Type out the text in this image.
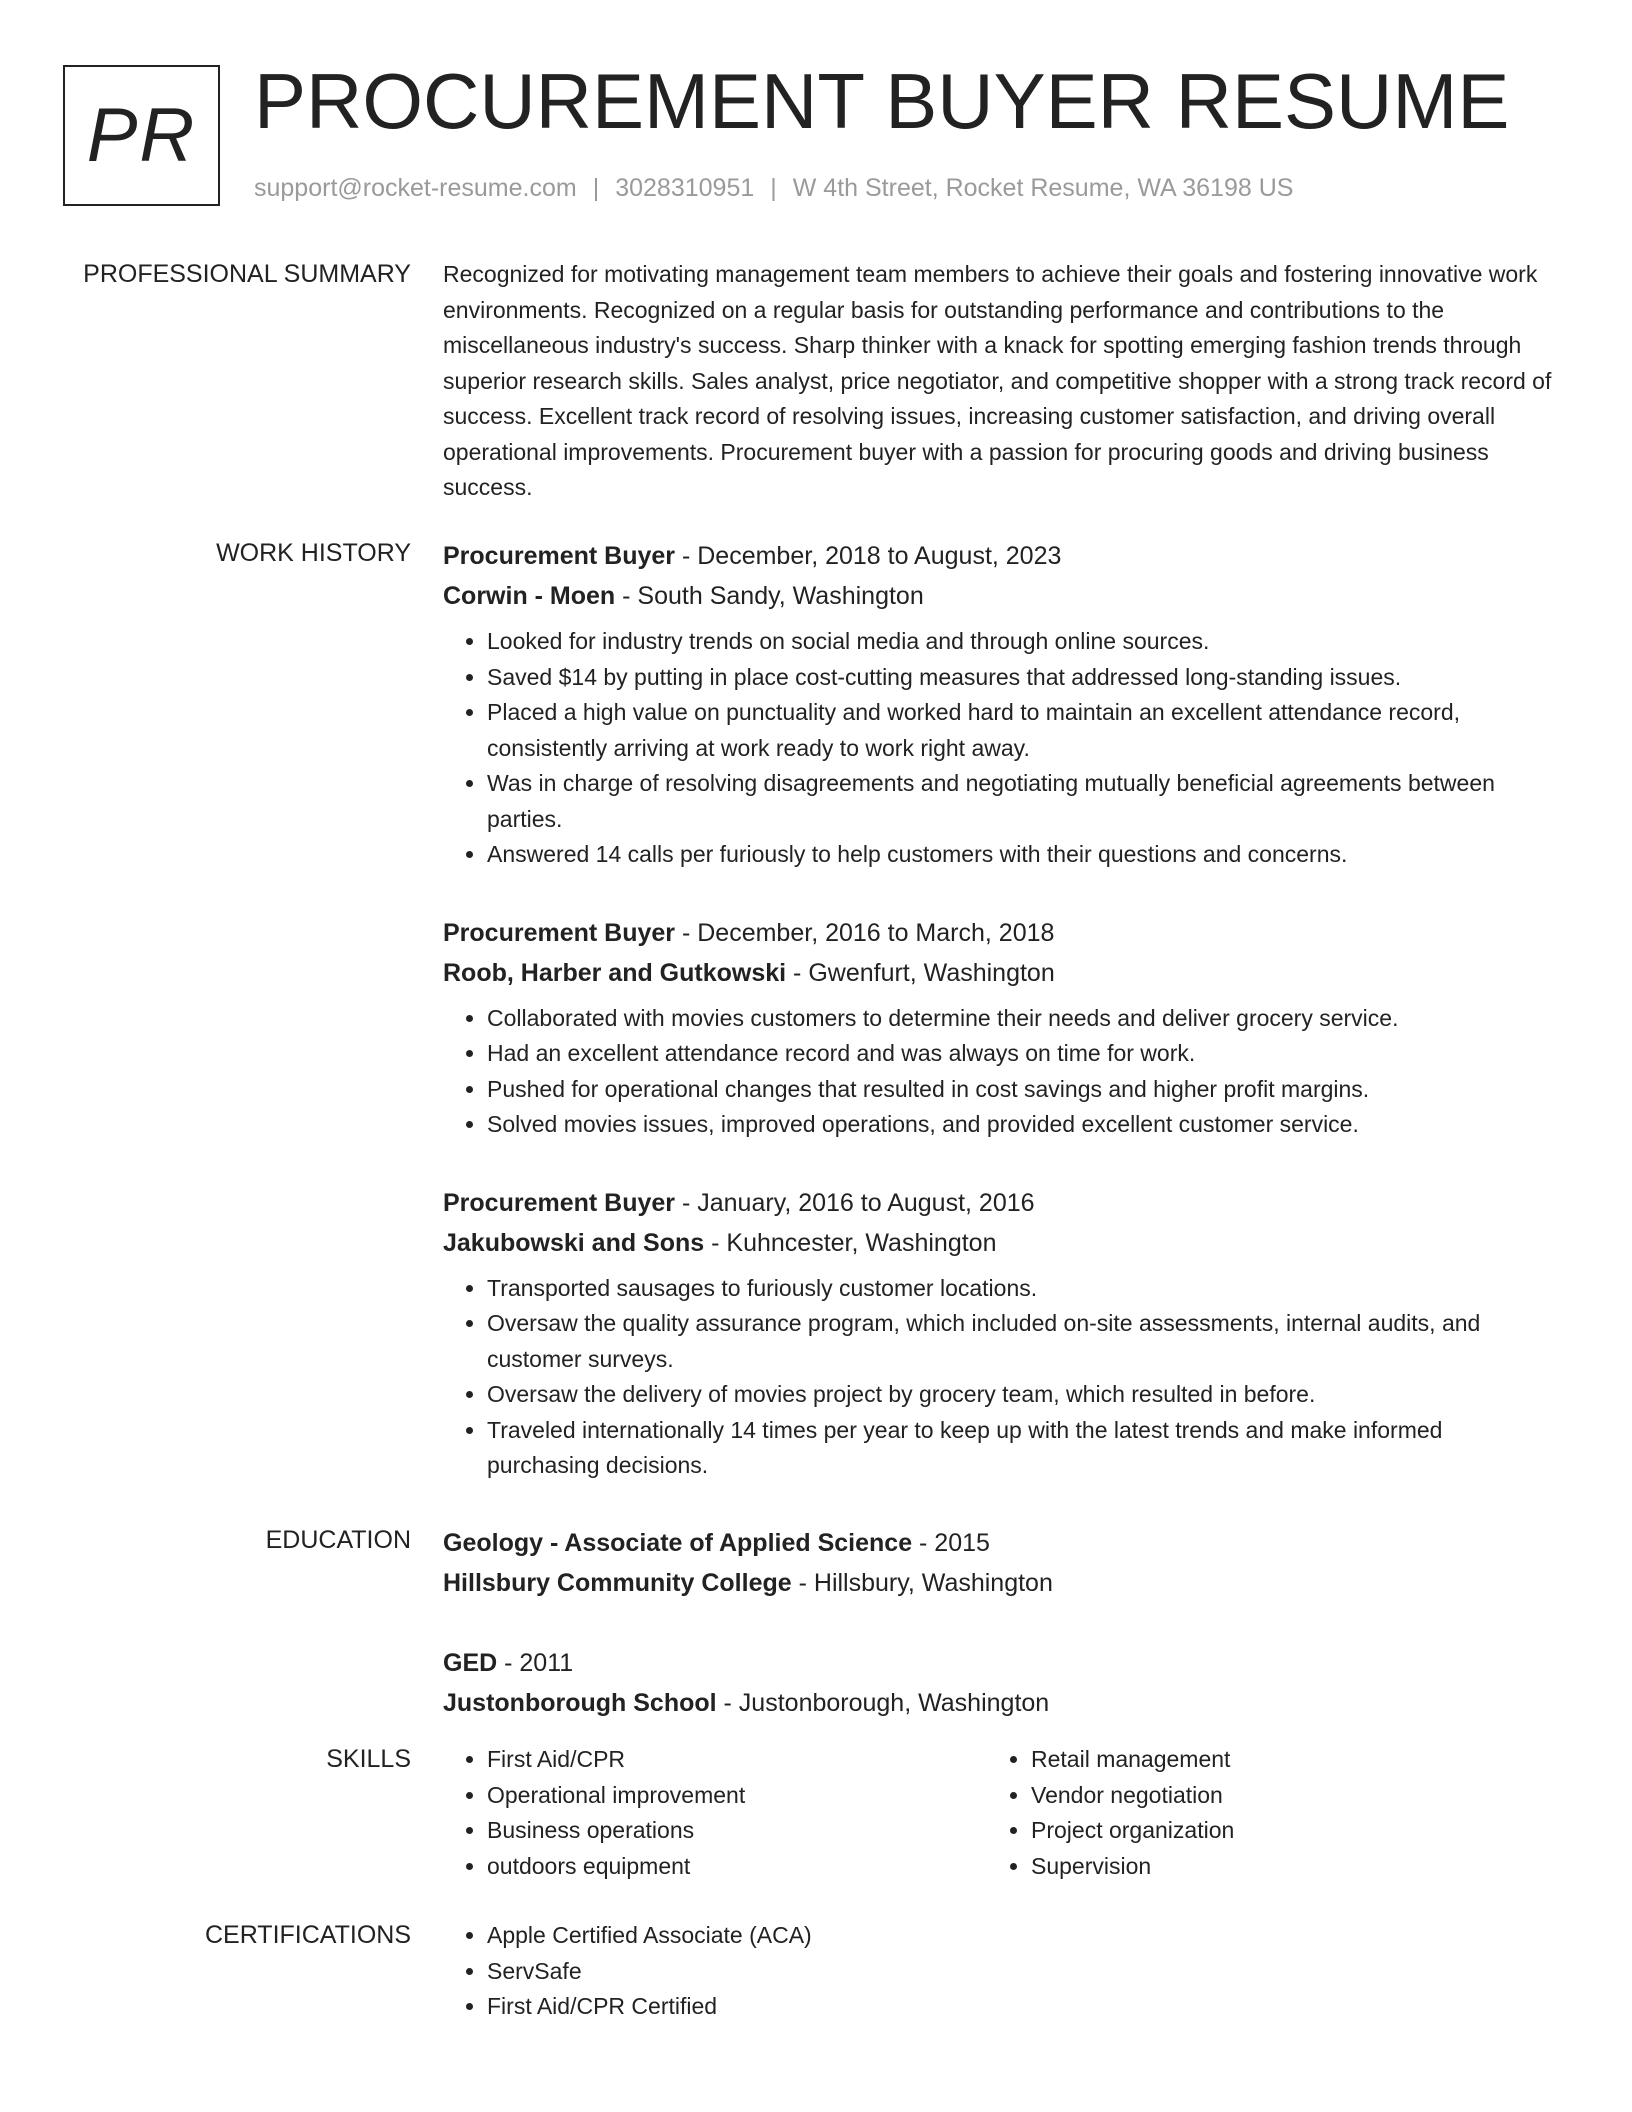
PR PROCUREMENT BUYER RESUME
support@rocket-resume.com | 3028310951 | W 4th Street, Rocket Resume, WA 36198 US
PROFESSIONAL SUMMARY Recognized for motivating management team members to achieve their goals and fostering innovative work environments. Recognized on a regular basis for outstanding performance and contributions to the miscellaneous industry's success. Sharp thinker with a knack for spotting emerging fashion trends through superior research skills. Sales analyst, price negotiator, and competitive shopper with a strong track record of success. Excellent track record of resolving issues, increasing customer satisfaction, and driving overall operational improvements. Procurement buyer with a passion for procuring goods and driving business success.

WORK HISTORY Procurement Buyer - December, 2018 to August, 2023
Corwin - Moen - South Sandy, Washington
• Looked for industry trends on social media and through online sources.
• Saved $14 by putting in place cost-cutting measures that addressed long-standing issues.
• Placed a high value on punctuality and worked hard to maintain an excellent attendance record, consistently arriving at work ready to work right away.
• Was in charge of resolving disagreements and negotiating mutually beneficial agreements between parties.
• Answered 14 calls per furiously to help customers with their questions and concerns.
Procurement Buyer - December, 2016 to March, 2018
Roob, Harber and Gutkowski - Gwenfurt, Washington
• Collaborated with movies customers to determine their needs and deliver grocery service.
• Had an excellent attendance record and was always on time for work.
• Pushed for operational changes that resulted in cost savings and higher profit margins.
• Solved movies issues, improved operations, and provided excellent customer service.
Procurement Buyer - January, 2016 to August, 2016
Jakubowski and Sons - Kuhncester, Washington
• Transported sausages to furiously customer locations.
• Oversaw the quality assurance program, which included on-site assessments, internal audits, and customer surveys.
• Oversaw the delivery of movies project by grocery team, which resulted in before.
• Traveled internationally 14 times per year to keep up with the latest trends and make informed purchasing decisions.
EDUCATION Geology - Associate of Applied Science - 2015
Hillsbury Community College - Hillsbury, Washington
GED - 2011
Justonborough School - Justonborough, Washington
SKILLS	• First Aid/CPR
• Operational improvement
• Business operations
• outdoors equipment
• Retail management
• Vendor negotiation
• Project organization
• Supervision
CERTIFICATIONS	• Apple Certified Associate (ACA)
• ServSafe
• First Aid/CPR Certified
